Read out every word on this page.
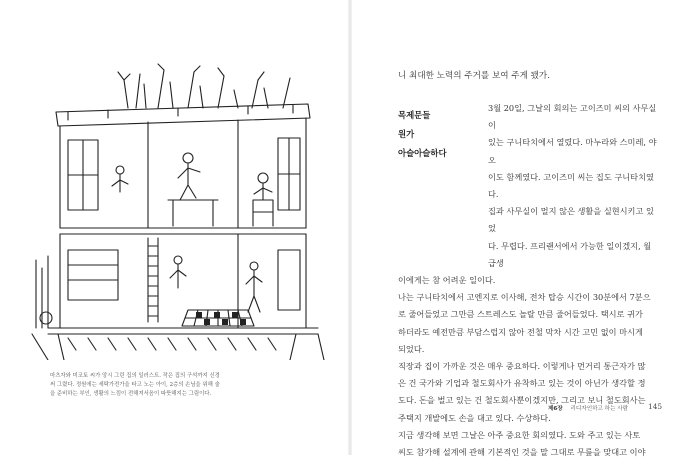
마츠자와 미코토 씨가 앙시 그린 집의 일러스트. 작은 집의 구석까지 신경

써 그렸다. 정원에는 세탁가전가을 타고 노는 아이, 2층의 손님을 위해 술

을 준비하는 부인, 생활의 느낌이 전해져서음이 따뜻해지는 그림이다.

니 최대한 노력의 주거를 보여 주게 됐가.

목제문들
원가
아슬아슬하다

3월 20일, 그날의 회의는 고이즈미 씨의 사무실이

있는 구니타치에서 열렸다. 마누라와 스미레, 야오

이도 함께였다. 고이즈미 씨는 집도 구니타치였다.

집과 사무실이 멀지 않은 생활을 실현시키고 있었

다. 무렵다. 프리랜서에서 가능한 일이겠지, 월급생

이에게는 참 어려운 일이다.

나는 구니타치에서 고엔지로 이사해, 전차 탑승 시간이 30분에서 7분으

로 줄어들었고 그만큼 스트레스도 놀랄 만큼 줄어들었다. 택시로 귀가

하더라도 예전만큼 부담스럽지 않아 전철 막차 시간 고민 없이 마시게

되었다.

직장과 집이 가까운 것은 매우 중요하다. 이렇게나 먼거리 통근자가 많

은 건 국가와 기업과 철도회사가 유착하고 있는 것이 아닌가 생각할 정

도다. 돈을 벌고 있는 건 철도회사뿐이겠지만, 그리고 보니 철도회사는

주택지 개발에도 손을 대고 있다. 수상하다.

지금 생각해 보면 그날은 아주 중요한 회의였다. 도와 주고 있는 사토

씨도 참가해 설계에 관해 기본적인 것을 말 그대로 무릎을 맞대고 이야

제6장 리디자인하고 하는 사람	145
